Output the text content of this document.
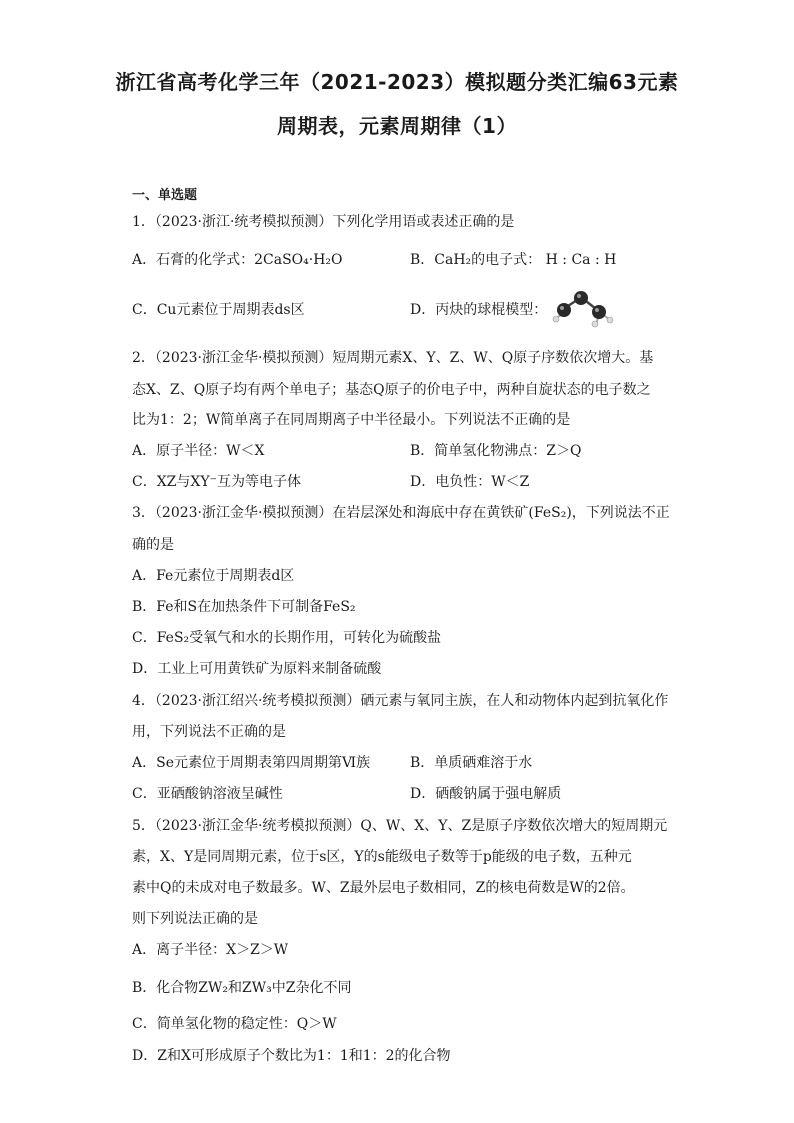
浙江省高考化学三年（2021-2023）模拟题分类汇编63元素
周期表，元素周期律（1）
一、单选题
1．（2023·浙江·统考模拟预测）下列化学用语或表述正确的是
A．石膏的化学式：2CaSO₄·H₂O	B．CaH₂的电子式： H : Ca : H
C．Cu元素位于周期表ds区	D．丙炔的球棍模型：
2．（2023·浙江金华·模拟预测）短周期元素X、Y、Z、W、Q原子序数依次增大。基
态X、Z、Q原子均有两个单电子；基态Q原子的价电子中，两种自旋状态的电子数之
比为1：2；W简单离子在同周期离子中半径最小。下列说法不正确的是
A．原子半径：W＜X	B．简单氢化物沸点：Z＞Q
C．XZ与XY⁻互为等电子体	D．电负性：W＜Z
3．（2023·浙江金华·模拟预测）在岩层深处和海底中存在黄铁矿(FeS₂)，下列说法不正
确的是
A．Fe元素位于周期表d区
B．Fe和S在加热条件下可制备FeS₂
C．FeS₂受氧气和水的长期作用，可转化为硫酸盐
D．工业上可用黄铁矿为原料来制备硫酸
4．（2023·浙江绍兴·统考模拟预测）硒元素与氧同主族，在人和动物体内起到抗氧化作
用，下列说法不正确的是
A．Se元素位于周期表第四周期第Ⅵ族	B．单质硒难溶于水
C．亚硒酸钠溶液呈碱性	D．硒酸钠属于强电解质
5．（2023·浙江金华·统考模拟预测）Q、W、X、Y、Z是原子序数依次增大的短周期元
素，X、Y是同周期元素，位于s区，Y的s能级电子数等于p能级的电子数，五种元
素中Q的未成对电子数最多。W、Z最外层电子数相同，Z的核电荷数是W的2倍。
则下列说法正确的是
A．离子半径：X＞Z＞W
B．化合物ZW₂和ZW₃中Z杂化不同
C．简单氢化物的稳定性：Q＞W
D．Z和X可形成原子个数比为1：1和1：2的化合物
